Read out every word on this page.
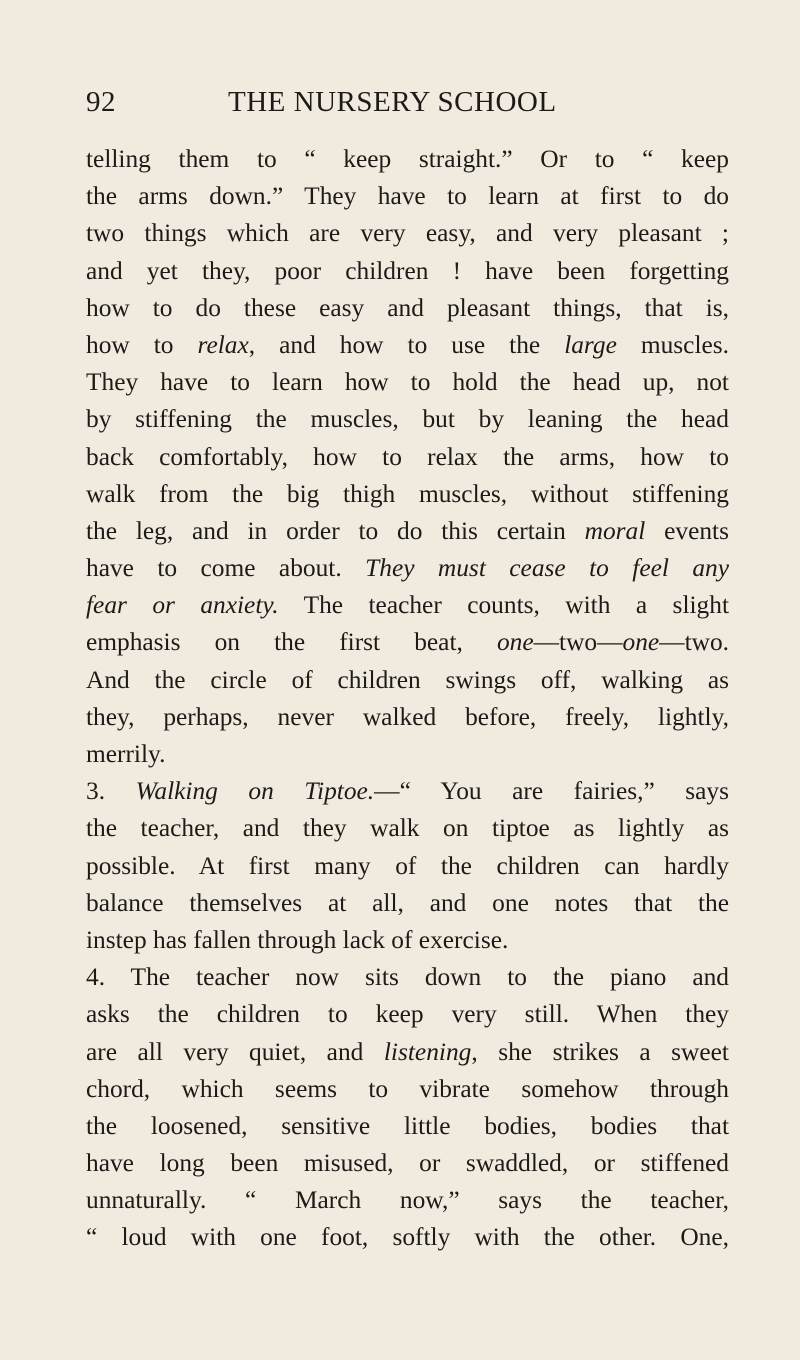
92	THE NURSERY SCHOOL
telling them to “ keep straight.” Or to “ keep
the arms down.” They have to learn at first to do
two things which are very easy, and very pleasant ;
and yet they, poor children ! have been forgetting
how to do these easy and pleasant things, that is,
how to relax, and how to use the large muscles.
They have to learn how to hold the head up, not
by stiffening the muscles, but by leaning the head
back comfortably, how to relax the arms, how to
walk from the big thigh muscles, without stiffening
the leg, and in order to do this certain moral events
have to come about. They must cease to feel any
fear or anxiety. The teacher counts, with a slight
emphasis on the first beat, one—two—one—two.
And the circle of children swings off, walking as
they, perhaps, never walked before, freely, lightly,
merrily.
3. Walking on Tiptoe.—“ You are fairies,” says
the teacher, and they walk on tiptoe as lightly as
possible. At first many of the children can hardly
balance themselves at all, and one notes that the
instep has fallen through lack of exercise.
4. The teacher now sits down to the piano and
asks the children to keep very still. When they
are all very quiet, and listening, she strikes a sweet
chord, which seems to vibrate somehow through
the loosened, sensitive little bodies, bodies that
have long been misused, or swaddled, or stiffened
unnaturally. “ March now,” says the teacher,
“ loud with one foot, softly with the other. One,
